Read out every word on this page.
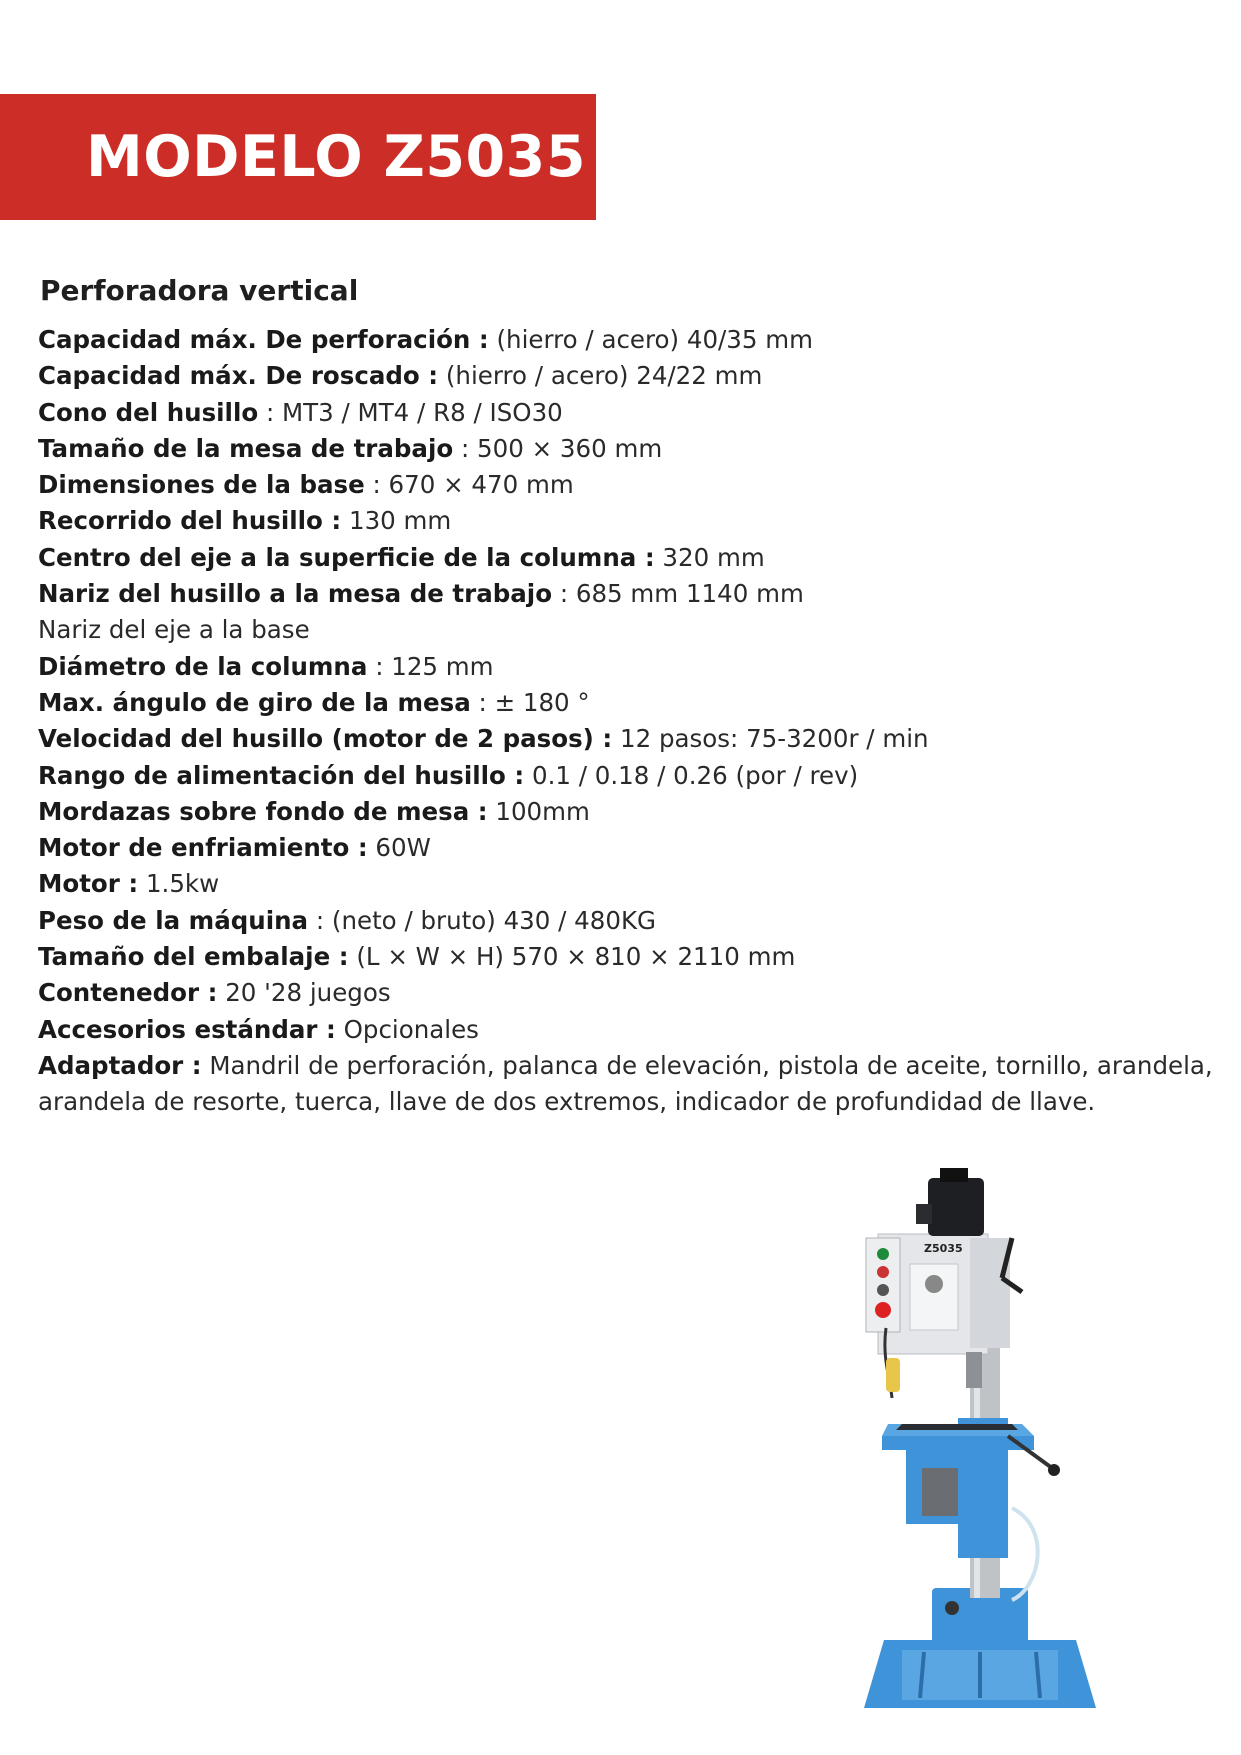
MODELO Z5035
Perforadora vertical
Capacidad máx. De perforación : (hierro / acero) 40/35 mm
Capacidad máx. De roscado : (hierro / acero) 24/22 mm
Cono del husillo : MT3 / MT4 / R8 / ISO30
Tamaño de la mesa de trabajo : 500 × 360 mm
Dimensiones de la base : 670 × 470 mm
Recorrido del husillo : 130 mm
Centro del eje a la superficie de la columna : 320 mm
Nariz del husillo a la mesa de trabajo : 685 mm 1140 mm
Nariz del eje a la base
Diámetro de la columna : 125 mm
Max. ángulo de giro de la mesa : ± 180 °
Velocidad del husillo (motor de 2 pasos) : 12 pasos: 75-3200r / min
Rango de alimentación del husillo : 0.1 / 0.18 / 0.26 (por / rev)
Mordazas sobre fondo de mesa : 100mm
Motor de enfriamiento : 60W
Motor : 1.5kw
Peso de la máquina : (neto / bruto) 430 / 480KG
Tamaño del embalaje : (L × W × H) 570 × 810 × 2110 mm
Contenedor : 20 '28 juegos
Accesorios estándar : Opcionales
Adaptador : Mandril de perforación, palanca de elevación, pistola de aceite, tornillo, arandela, arandela de resorte, tuerca, llave de dos extremos, indicador de profundidad de llave.
Z5035
